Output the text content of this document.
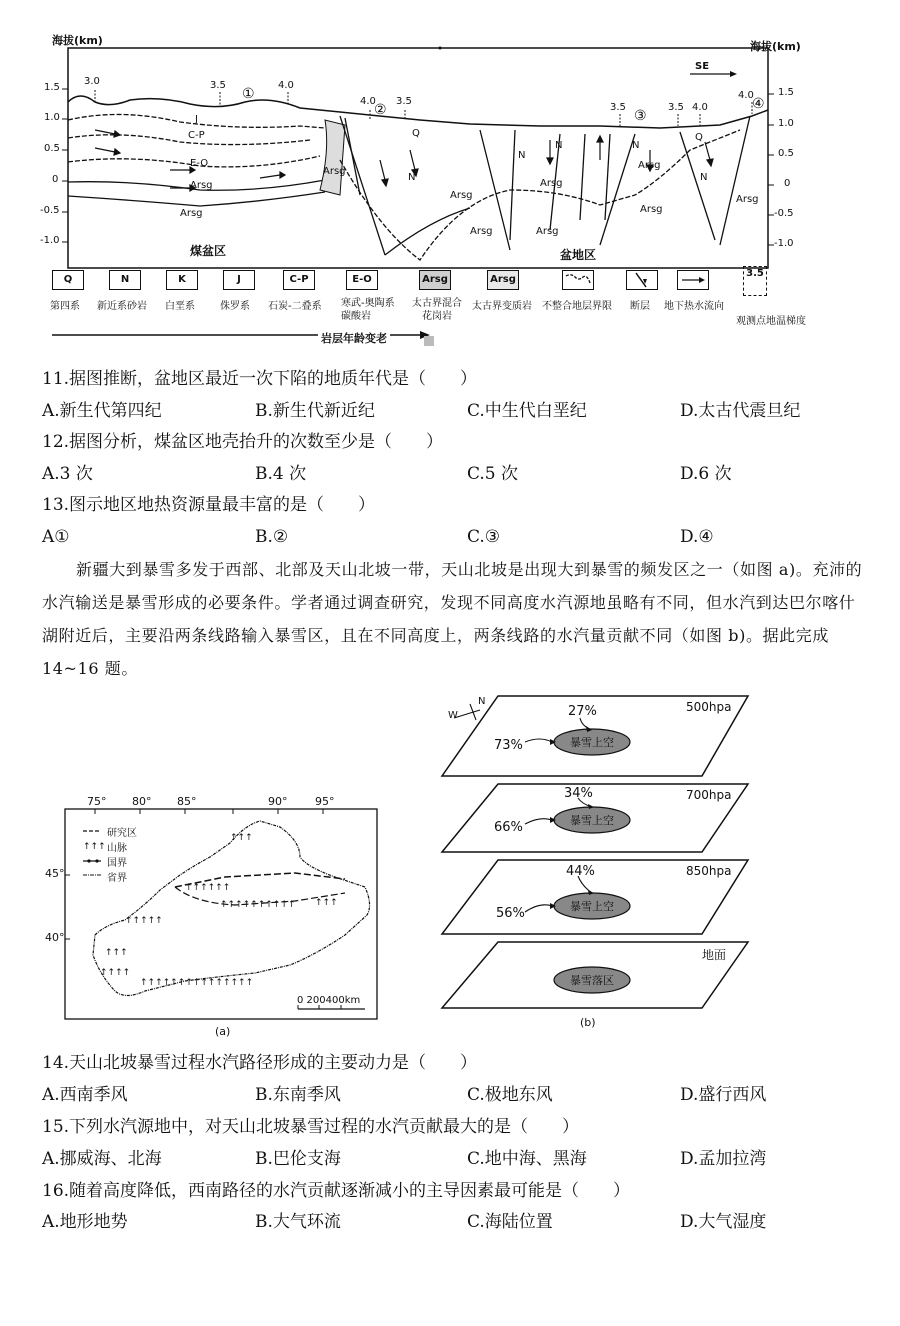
海拔(km)	海拔(km)
1.5
1.0
0.5
0
-0.5
-1.0
1.5
1.0
0.5
0
-0.5
-1.0
SE
3.0	3.5	4.0
4.0 3.5
3.5	3.5 4.0
4.0
①
②	③
④
J
C-P
E-O
Arsg
Arsg
Arsg
Q
N
N
N
Arsg
Arsg
Arsg
Q
N
N
Arsg
Arsg
Arsg
Arsg
煤盆区	盆地区
Q	N	K	J	C-P	E-O	Arsg	Arsg
3.5
第四系 新近系砂岩 白垩系	侏罗系 石炭-二叠系 寒武-奥陶系碳酸岩
太古界混合花岗岩
太古界变质岩 不整合地层界限 断层 地下热水流向
观测点地温梯度
岩层年龄变老
11.据图推断，盆地区最近一次下陷的地质年代是（　　）
A.新生代第四纪	B.新生代新近纪	C.中生代白垩纪	D.太古代震旦纪
12.据图分析，煤盆区地壳抬升的次数至少是（　　）
A.3 次	B.4 次	C.5 次	D.6 次
13.图示地区地热资源量最丰富的是（　　）
A①	B.②	C.③	D.④
新疆大到暴雪多发于西部、北部及天山北坡一带，天山北坡是出现大到暴雪的频发区之一（如图 a)。充沛的水汽输送是暴雪形成的必要条件。学者通过调查研究，发现不同高度水汽源地虽略有不同，但水汽到达巴尔喀什湖附近后，主要沿两条线路输入暴雪区，且在不同高度上，两条线路的水汽量贡献不同（如图 b)。据此完成 14~16 题。
↑↑↑↑↑↑
↑↑↑↑↑↑↑↑↑↑
↑↑↑↑↑
↑↑↑
↑↑↑↑
↑↑↑↑↑↑↑↑↑↑↑↑↑↑↑
↑↑↑
↑↑↑
↑↑↑
75° 80° 85°	90°	95°
45°
40°
研究区
山脉
国界
省界
0 200400km
(a)
W
N	500hpa
27%
73%	暴雪上空
700hpa
34%
66%	暴雪上空
850hpa
44%
56%	暴雪上空
地面
暴雪落区
(b)
14.天山北坡暴雪过程水汽路径形成的主要动力是（　　）
A.西南季风	B.东南季风	C.极地东风	D.盛行西风
15.下列水汽源地中，对天山北坡暴雪过程的水汽贡献最大的是（　　）
A.挪威海、北海	B.巴伦支海	C.地中海、黑海	D.孟加拉湾
16.随着高度降低，西南路径的水汽贡献逐渐减小的主导因素最可能是（　　）
A.地形地势	B.大气环流	C.海陆位置	D.大气湿度
